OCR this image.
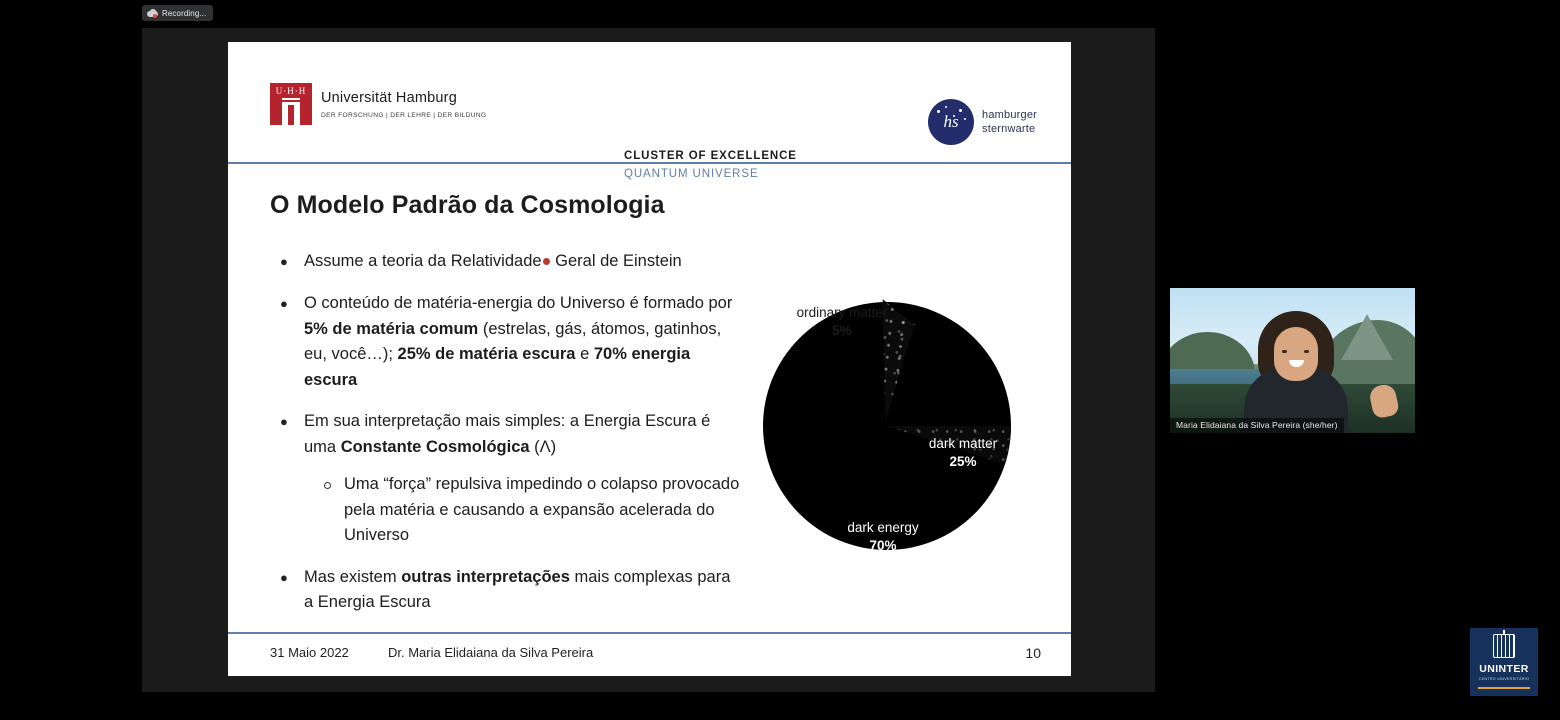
Recording...
U·H·H	Universität Hamburg
DER FORSCHUNG | DER LEHRE | DER BILDUNG
CLUSTER OF EXCELLENCE
QUANTUM UNIVERSE
hs	hamburger
sternwarte
O Modelo Padrão da Cosmologia
● Assume a teoria da Relatividade Geral de Einstein
● O conteúdo de matéria-energia do Universo é formado por 5% de matéria comum (estrelas, gás, átomos, gatinhos, eu, você…); 25% de matéria escura e 70% energia escura
● Em sua interpretação mais simples: a Energia Escura é uma Constante Cosmológica (Λ)
Uma “força” repulsiva impedindo o colapso provocado pela matéria e causando a expansão acelerada do Universo
● Mas existem outras interpretações mais complexas para a Energia Escura
ordinary matter
5%
dark matter
25%
dark energy
70%
31 Maio 2022	Dr. Maria Elidaiana da Silva Pereira	10
Maria Elidaiana da Silva Pereira (she/her)
UNINTER
CENTRO UNIVERSITÁRIO
